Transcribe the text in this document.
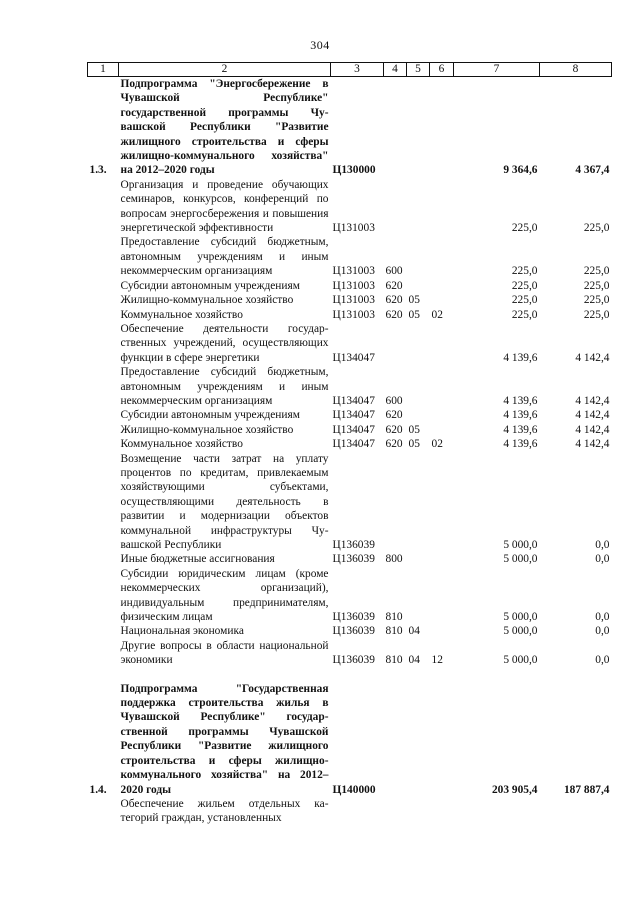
304
1	2	3	4	5	6	7	8
1.3.	Подпрограмма "Энергосбережение в Чувашской Республике" государственной программы Чувашской Республики "Развитие жилищного строительства и сферы жилищно-коммунального хозяйства" на 2012–2020 годы	Ц130000				9 364,6	4 367,4
	Организация и проведение обучающих семинаров, конкурсов, конференций по вопросам энергосбережения и повышения энергетической эффективности	Ц131003				225,0	225,0
	Предоставление субсидий бюджетным, автономным учреждениям и иным некоммерческим организациям	Ц131003	600			225,0	225,0
	Субсидии автономным учреждениям	Ц131003	620			225,0	225,0
	Жилищно-коммунальное хозяйство	Ц131003	620	05		225,0	225,0
	Коммунальное хозяйство	Ц131003	620	05	02	225,0	225,0
	Обеспечение деятельности государственных учреждений, осуществляющих функции в сфере энергетики	Ц134047				4 139,6	4 142,4
	Предоставление субсидий бюджетным, автономным учреждениям и иным некоммерческим организациям	Ц134047	600			4 139,6	4 142,4
	Субсидии автономным учреждениям	Ц134047	620			4 139,6	4 142,4
	Жилищно-коммунальное хозяйство	Ц134047	620	05		4 139,6	4 142,4
	Коммунальное хозяйство	Ц134047	620	05	02	4 139,6	4 142,4
	Возмещение части затрат на уплату процентов по кредитам, привлекаемым хозяйствующими субъектами, осуществляющими деятельность в развитии и модернизации объектов коммунальной инфраструктуры Чувашской Республики	Ц136039				5 000,0	0,0
	Иные бюджетные ассигнования	Ц136039	800			5 000,0	0,0
	Субсидии юридическим лицам (кроме некоммерческих организаций), индивидуальным предпринимателям, физическим лицам	Ц136039	810			5 000,0	0,0
	Национальная экономика	Ц136039	810	04		5 000,0	0,0
	Другие вопросы в области национальной экономики	Ц136039	810	04	12	5 000,0	0,0

1.4.	Подпрограмма "Государственная поддержка строительства жилья в Чувашской Республике" государственной программы Чувашской Республики "Развитие жилищного строительства и сферы жилищно-коммунального хозяйства" на 2012–2020 годы	Ц140000				203 905,4	187 887,4
	Обеспечение жильем отдельных категорий граждан, установленных						
